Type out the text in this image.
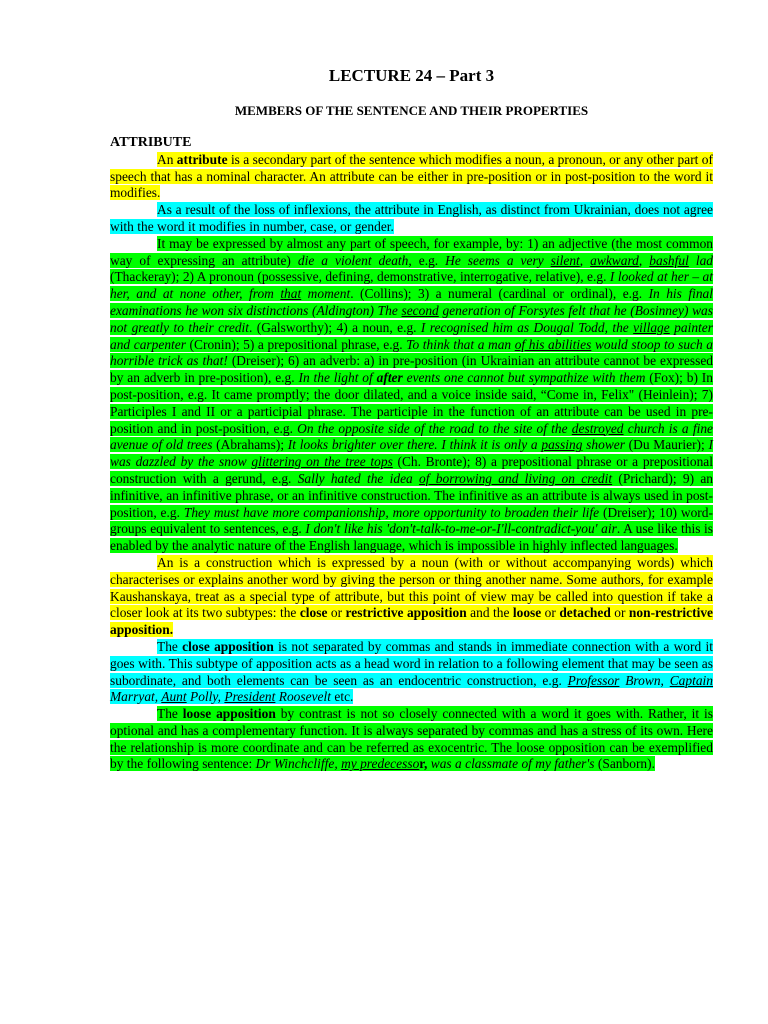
LECTURE 24 – Part 3
MEMBERS OF THE SENTENCE AND THEIR PROPERTIES
ATTRIBUTE

An attribute is a secondary part of the sentence which modifies a noun, a pronoun, or any other part of speech that has a nominal character. An attribute can be either in pre-position or in post-position to the word it modifies.

As a result of the loss of inflexions, the attribute in English, as distinct from Ukrainian, does not agree with the word it modifies in number, case, or gender.

It may be expressed by almost any part of speech, for example, by: 1) an adjective (the most common way of expressing an attribute) die a violent death, e.g. He seems a very silent, awkward, bashful lad (Thackeray); 2) A pronoun (possessive, defining, demonstrative, interrogative, relative), e.g. I looked at her – at her, and at none other, from that moment. (Collins); 3) a numeral (cardinal or ordinal), e.g. In his final examinations he won six distinctions (Aldington) The second generation of Forsytes felt that he (Bosinney) was not greatly to their credit. (Galsworthy); 4) a noun, e.g. I recognised him as Dougal Todd, the village painter and carpenter (Cronin); 5) a prepositional phrase, e.g. To think that a man of his abilities would stoop to such a horrible trick as that! (Dreiser); 6) an adverb: a) in pre-position (in Ukrainian an attribute cannot be expressed by an adverb in pre-position), e.g. In the light of after events one cannot but sympathize with them (Fox); b) In post-position, e.g. It came promptly; the door dilated, and a voice inside said, “Come in, Felix" (Heinlein); 7) Participles I and II or a participial phrase. The participle in the function of an attribute can be used in pre-position and in post-position, e.g. On the opposite side of the road to the site of the destroyed church is a fine avenue of old trees (Abrahams); It looks brighter over there. I think it is only a passing shower (Du Maurier); I was dazzled by the snow glittering on the tree tops (Ch. Bronte); 8) a prepositional phrase or a prepositional construction with a gerund, e.g. Sally hated the idea of borrowing and living on credit (Prichard); 9) an infinitive, an infinitive phrase, or an infinitive construction. The infinitive as an attribute is always used in post-position, e.g. They must have more companionship, more opportunity to broaden their life (Dreiser); 10) word-groups equivalent to sentences, e.g. I don't like his 'don't-talk-to-me-or-I'll-contradict-you' air. A use like this is enabled by the analytic nature of the English language, which is impossible in highly inflected languages.

An is a construction which is expressed by a noun (with or without accompanying words) which characterises or explains another word by giving the person or thing another name. Some authors, for example Kaushanskaya, treat as a special type of attribute, but this point of view may be called into question if take a closer look at its two subtypes: the close or restrictive apposition and the loose or detached or non-restrictive apposition.

The close apposition is not separated by commas and stands in immediate connection with a word it goes with. This subtype of apposition acts as a head word in relation to a following element that may be seen as subordinate, and both elements can be seen as an endocentric construction, e.g. Professor Brown, Captain Marryat, Aunt Polly, President Roosevelt etc.

The loose apposition by contrast is not so closely connected with a word it goes with. Rather, it is optional and has a complementary function. It is always separated by commas and has a stress of its own. Here the relationship is more coordinate and can be referred as exocentric. The loose opposition can be exemplified by the following sentence: Dr Winchcliffe, my predecessor, was a classmate of my father's (Sanborn).
